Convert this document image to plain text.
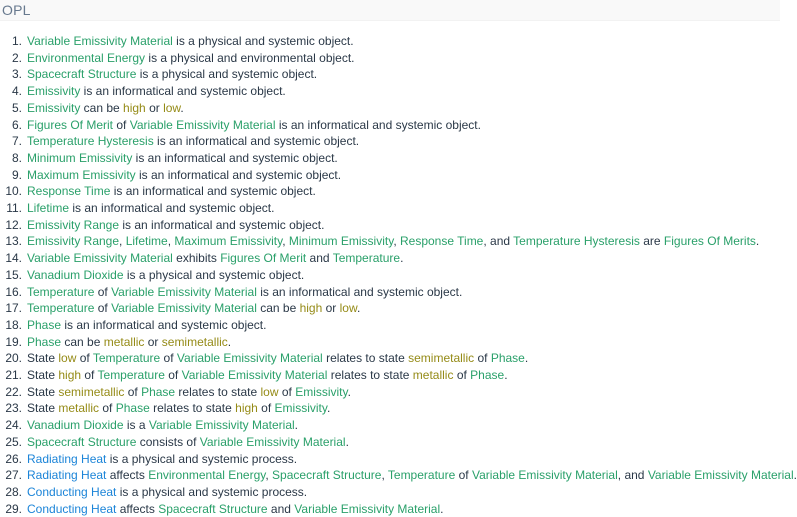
OPL
1. Variable Emissivity Material is a physical and systemic object.
2. Environmental Energy is a physical and environmental object.
3. Spacecraft Structure is a physical and systemic object.
4. Emissivity is an informatical and systemic object.
5. Emissivity can be high or low.
6. Figures Of Merit of Variable Emissivity Material is an informatical and systemic object.
7. Temperature Hysteresis is an informatical and systemic object.
8. Minimum Emissivity is an informatical and systemic object.
9. Maximum Emissivity is an informatical and systemic object.
10. Response Time is an informatical and systemic object.
11. Lifetime is an informatical and systemic object.
12. Emissivity Range is an informatical and systemic object.
13. Emissivity Range, Lifetime, Maximum Emissivity, Minimum Emissivity, Response Time, and Temperature Hysteresis are Figures Of Merits.
14. Variable Emissivity Material exhibits Figures Of Merit and Temperature.
15. Vanadium Dioxide is a physical and systemic object.
16. Temperature of Variable Emissivity Material is an informatical and systemic object.
17. Temperature of Variable Emissivity Material can be high or low.
18. Phase is an informatical and systemic object.
19. Phase can be metallic or semimetallic.
20. State low of Temperature of Variable Emissivity Material relates to state semimetallic of Phase.
21. State high of Temperature of Variable Emissivity Material relates to state metallic of Phase.
22. State semimetallic of Phase relates to state low of Emissivity.
23. State metallic of Phase relates to state high of Emissivity.
24. Vanadium Dioxide is a Variable Emissivity Material.
25. Spacecraft Structure consists of Variable Emissivity Material.
26. Radiating Heat is a physical and systemic process.
27. Radiating Heat affects Environmental Energy, Spacecraft Structure, Temperature of Variable Emissivity Material, and Variable Emissivity Material.
28. Conducting Heat is a physical and systemic process.
29. Conducting Heat affects Spacecraft Structure and Variable Emissivity Material.
